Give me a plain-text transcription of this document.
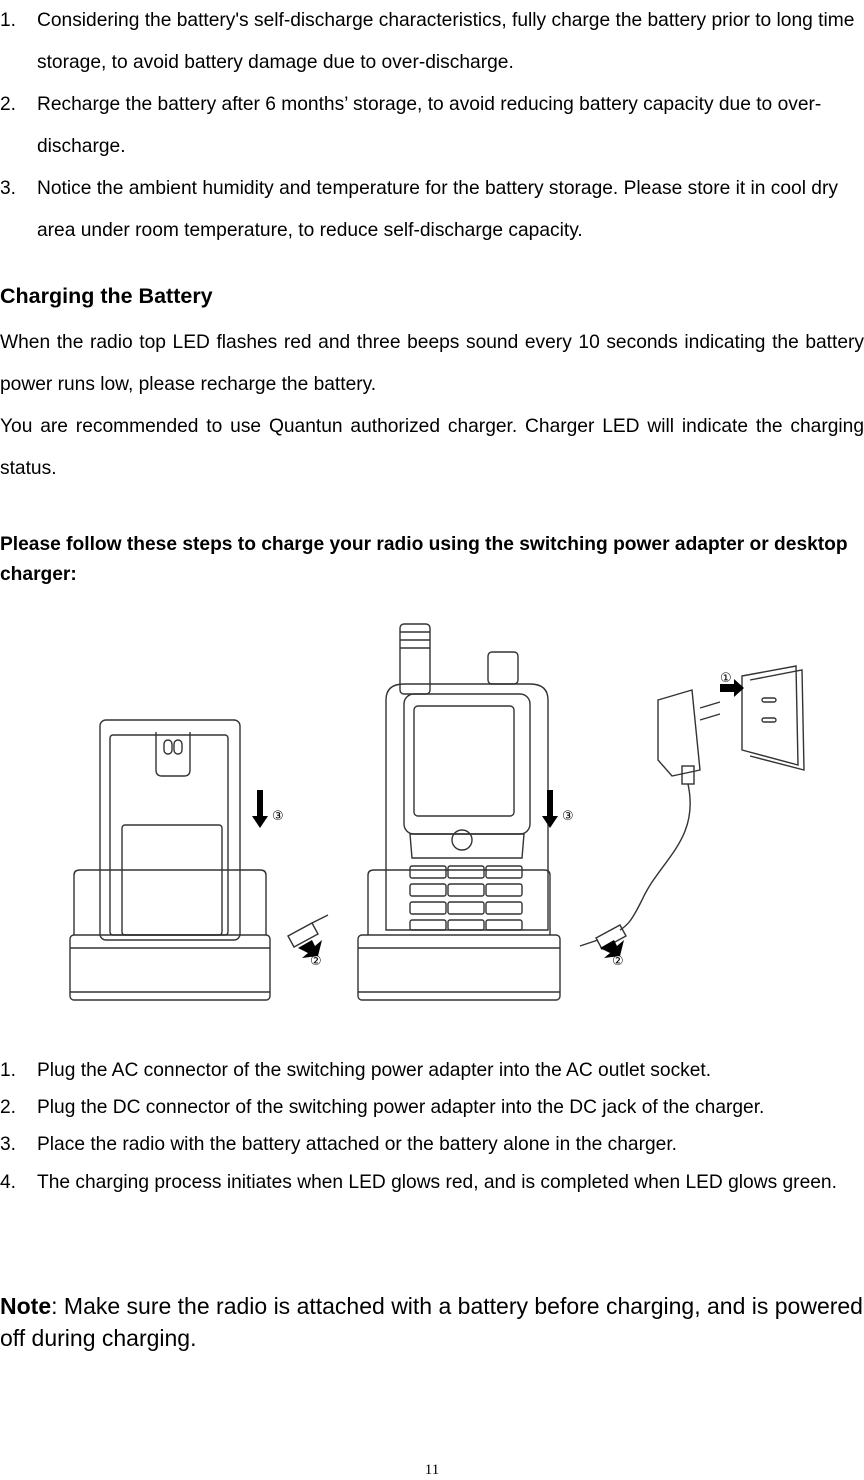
1. Considering the battery's self-discharge characteristics, fully charge the battery prior to long time storage, to avoid battery damage due to over-discharge.
2. Recharge the battery after 6 months’ storage, to avoid reducing battery capacity due to over-discharge.
3. Notice the ambient humidity and temperature for the battery storage. Please store it in cool dry area under room temperature, to reduce self-discharge capacity.
Charging the Battery
When the radio top LED flashes red and three beeps sound every 10 seconds indicating the battery power runs low, please recharge the battery.
You are recommended to use Quantun authorized charger. Charger LED will indicate the charging status.
Please follow these steps to charge your radio using the switching power adapter or desktop charger:
③	③
②	②
①
1. Plug the AC connector of the switching power adapter into the AC outlet socket.
2. Plug the DC connector of the switching power adapter into the DC jack of the charger.
3. Place the radio with the battery attached or the battery alone in the charger.
4. The charging process initiates when LED glows red, and is completed when LED glows green.
Note: Make sure the radio is attached with a battery before charging, and is powered off during charging.
11
